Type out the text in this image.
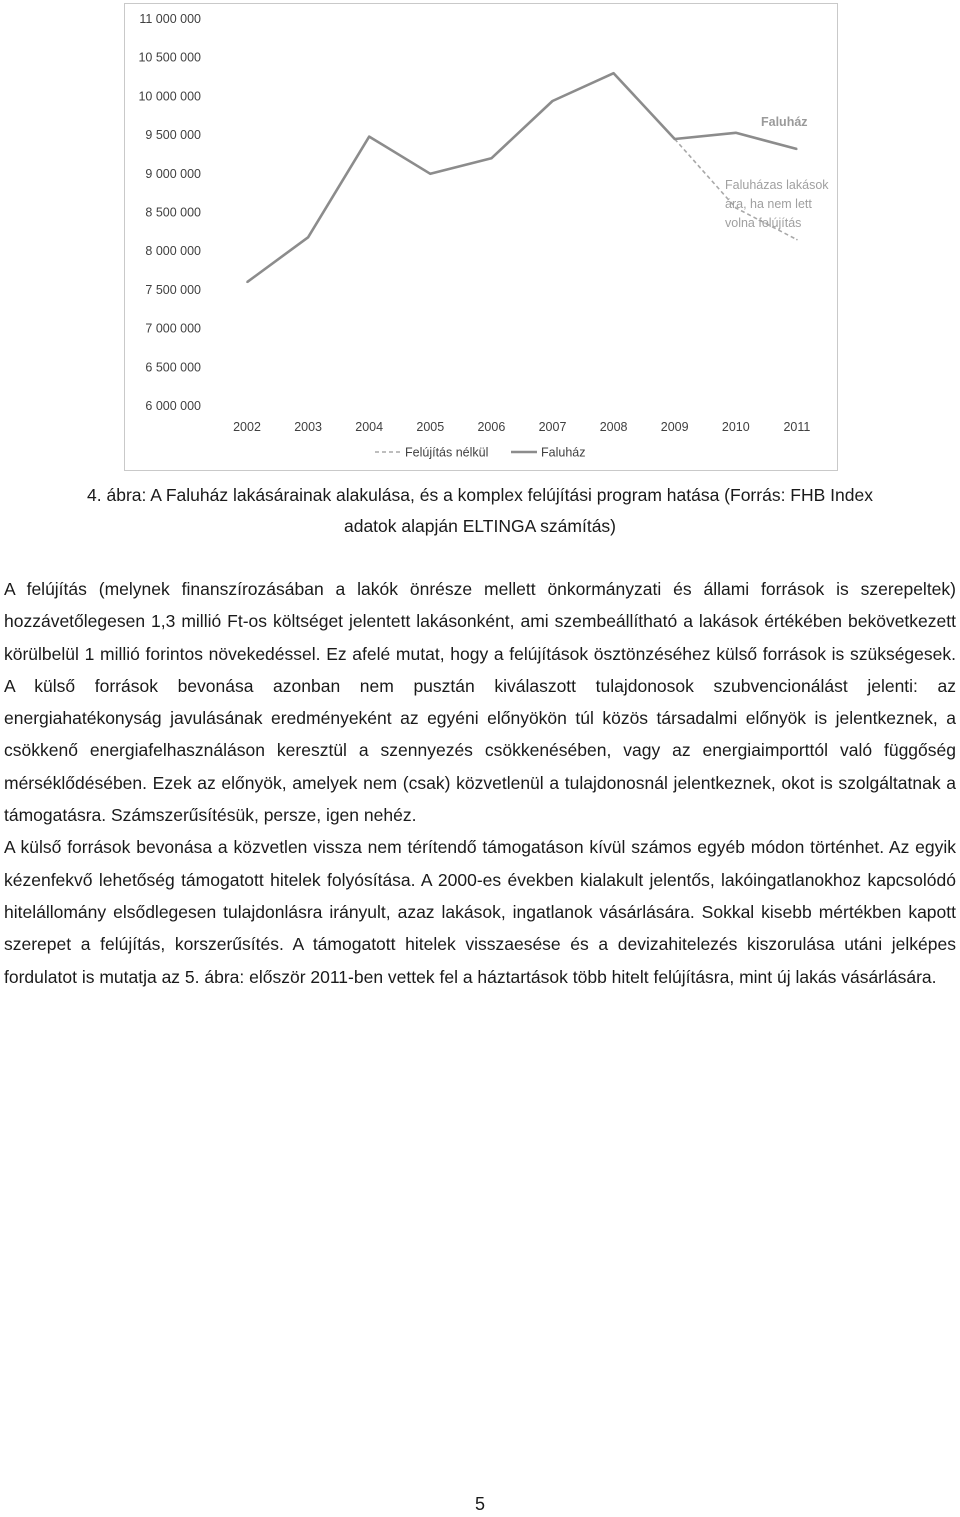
11 000 000
10 500 000
10 000 000
9 500 000
9 000 000
8 500 000
8 000 000
7 500 000
7 000 000
6 500 000
6 000 000
2002	2003	2004	2005	2006	2007	2008	2009	2010	2011
Faluház
Faluházas lakások
ára, ha nem lett
volna felújítás
Felújítás nélkül	Faluház
4. ábra: A Faluház lakásárainak alakulása, és a komplex felújítási program hatása (Forrás: FHB Index
adatok alapján ELTINGA számítás)

A felújítás (melynek finanszírozásában a lakók önrésze mellett önkormányzati és állami források is szerepeltek) hozzávetőlegesen 1,3 millió Ft-os költséget jelentett lakásonként, ami szembeállítható a lakások értékében bekövetkezett körülbelül 1 millió forintos növekedéssel. Ez afelé mutat, hogy a felújítások ösztönzéséhez külső források is szükségesek. A külső források bevonása azonban nem pusztán kiválaszott tulajdonosok szubvencionálást jelenti: az energiahatékonyság javulásának eredményeként az egyéni előnyökön túl közös társadalmi előnyök is jelentkeznek, a csökkenő energiafelhasználáson keresztül a szennyezés csökkenésében, vagy az energiaimporttól való függőség mérséklődésében. Ezek az előnyök, amelyek nem (csak) közvetlenül a tulajdonosnál jelentkeznek, okot is szolgáltatnak a támogatásra. Számszerűsítésük, persze, igen nehéz.

A külső források bevonása a közvetlen vissza nem térítendő támogatáson kívül számos egyéb módon történhet. Az egyik kézenfekvő lehetőség támogatott hitelek folyósítása. A 2000-es években kialakult jelentős, lakóingatlanokhoz kapcsolódó hitelállomány elsődlegesen tulajdonlásra irányult, azaz lakások, ingatlanok vásárlására. Sokkal kisebb mértékben kapott szerepet a felújítás, korszerűsítés. A támogatott hitelek visszaesése és a devizahitelezés kiszorulása utáni jelképes fordulatot is mutatja az 5. ábra: először 2011-ben vettek fel a háztartások több hitelt felújításra, mint új lakás vásárlására.

5
